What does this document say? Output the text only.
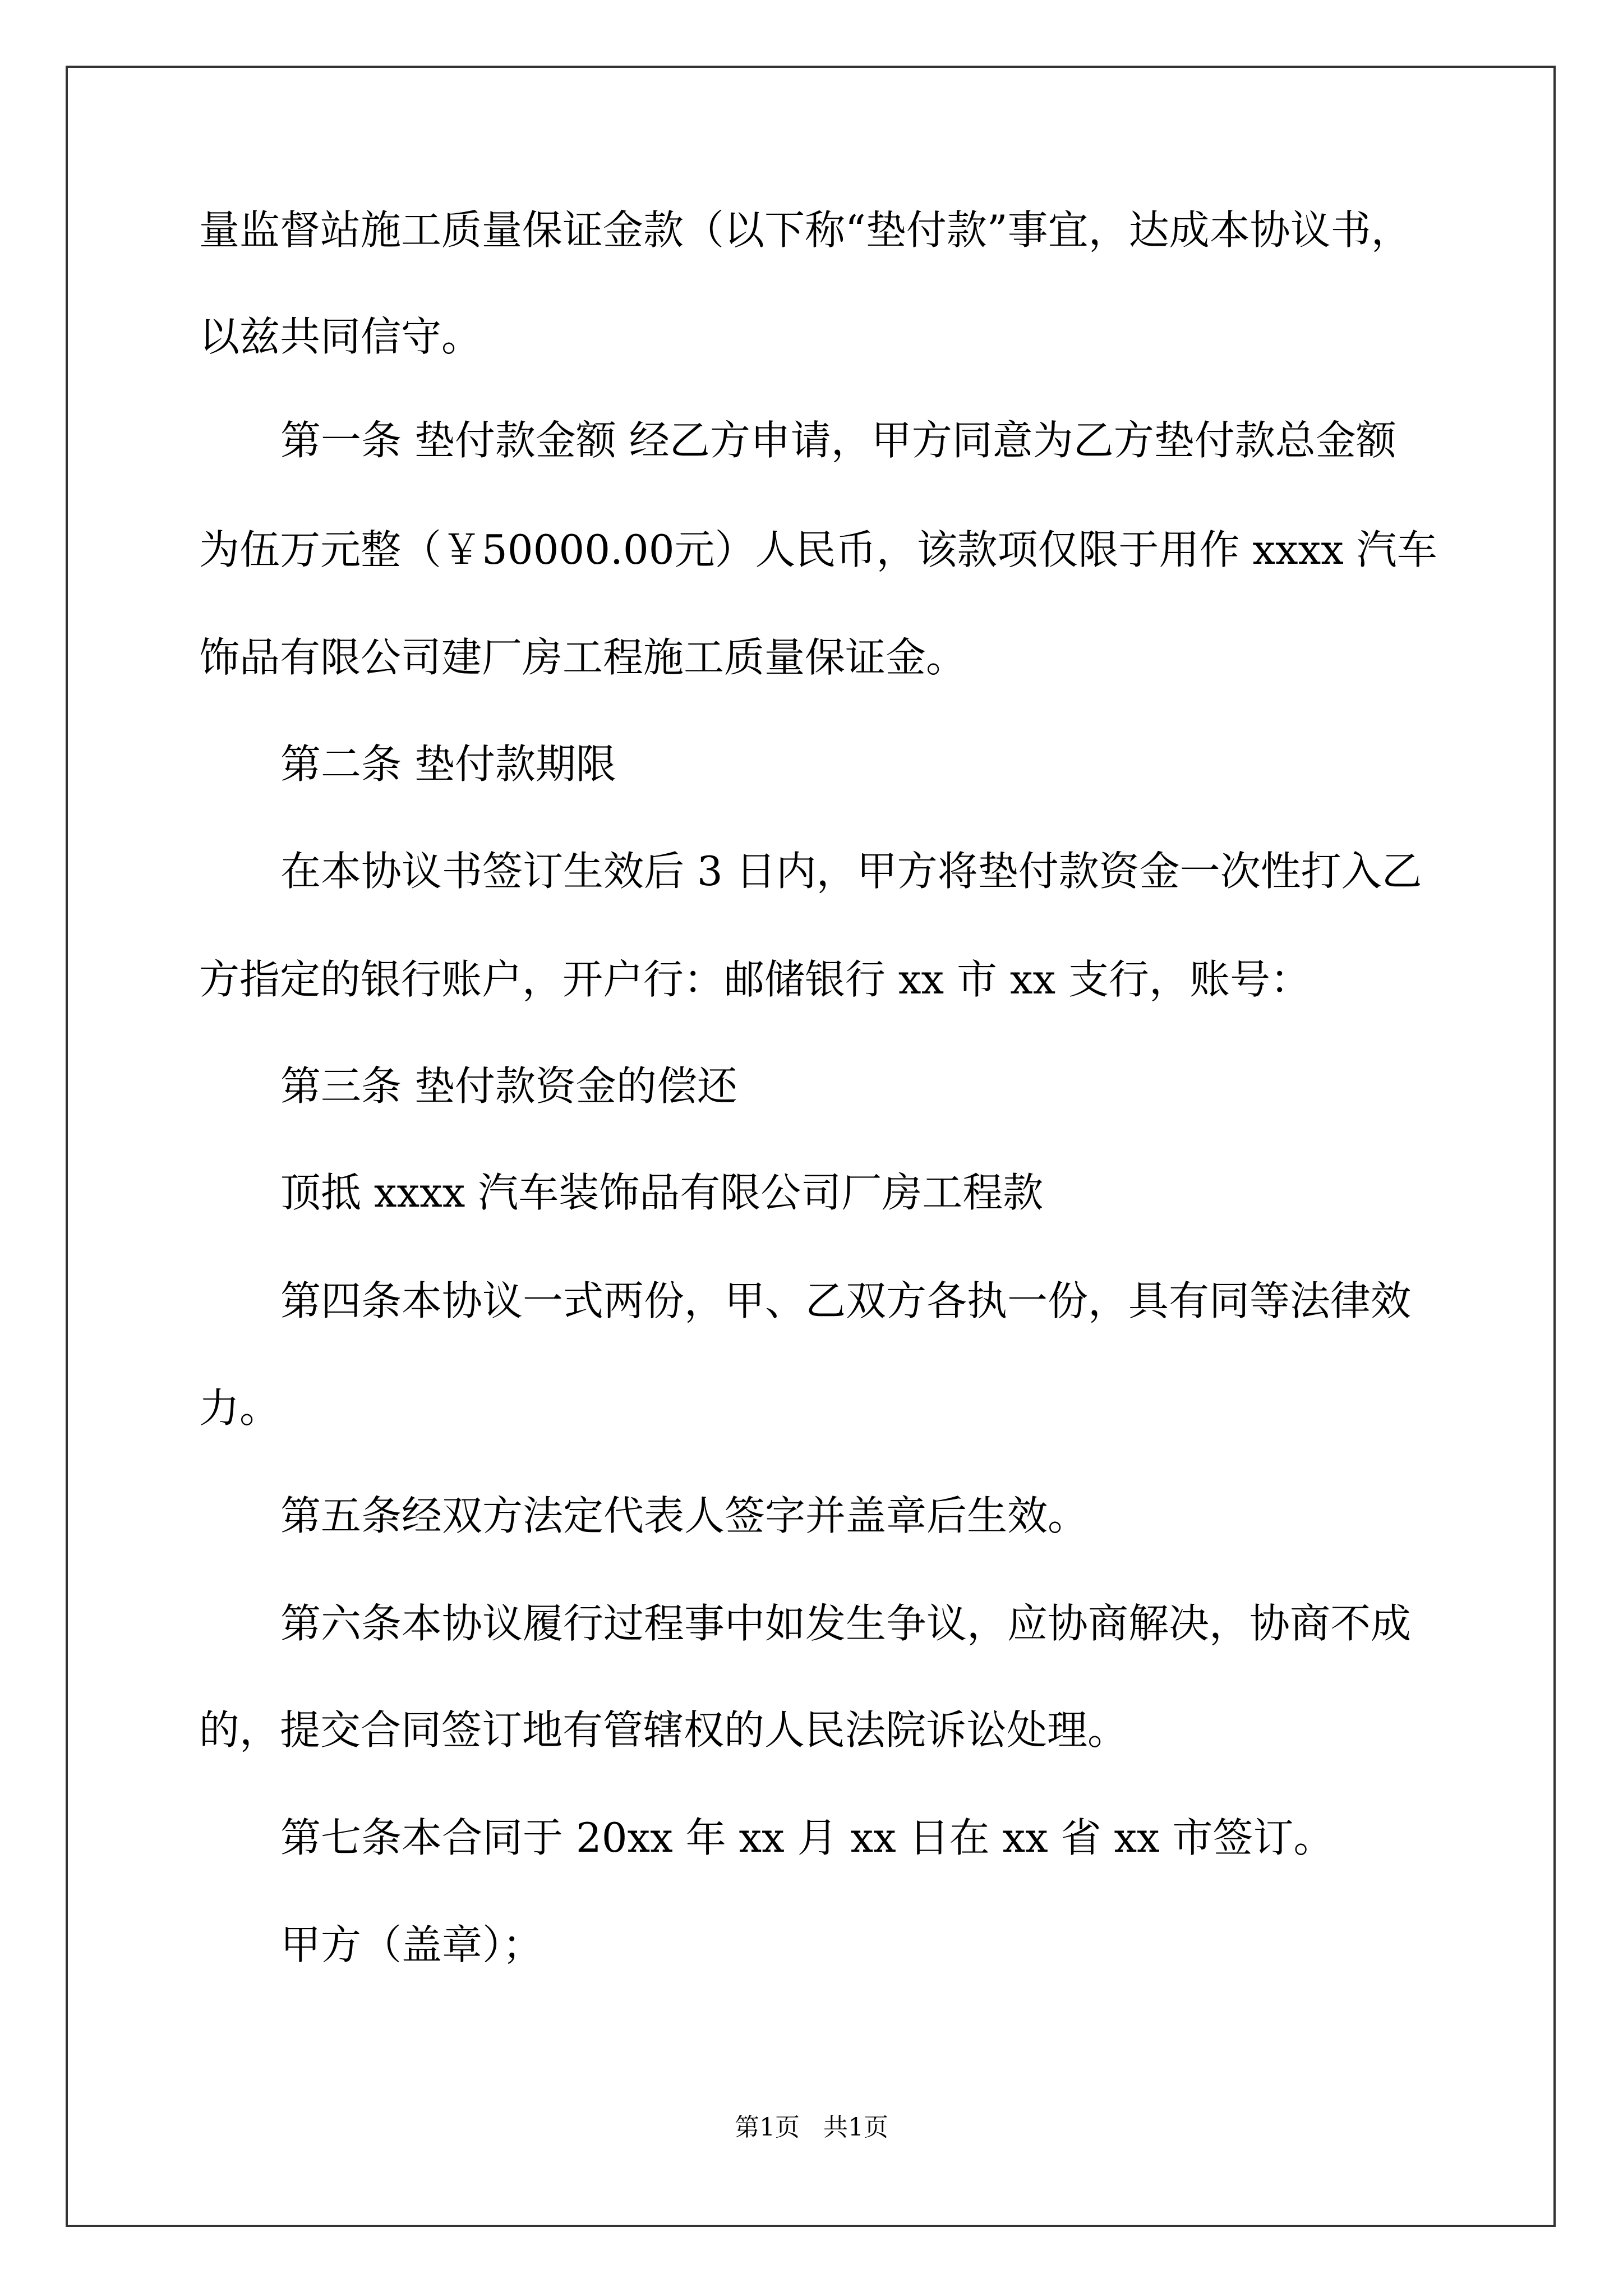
量监督站施工质量保证金款（以下称“垫付款”事宜，达成本协议书，
以兹共同信守。
第一条 垫付款金额 经乙方申请，甲方同意为乙方垫付款总金额
为伍万元整（￥50000.00元）人民币，该款项仅限于用作 xxxx 汽车
饰品有限公司建厂房工程施工质量保证金。
第二条 垫付款期限
在本协议书签订生效后 3 日内，甲方将垫付款资金一次性打入乙
方指定的银行账户，开户行：邮储银行 xx 市 xx 支行，账号：
第三条 垫付款资金的偿还
顶抵 xxxx 汽车装饰品有限公司厂房工程款
第四条本协议一式两份，甲、乙双方各执一份，具有同等法律效
力。
第五条经双方法定代表人签字并盖章后生效。
第六条本协议履行过程事中如发生争议，应协商解决，协商不成
的，提交合同签订地有管辖权的人民法院诉讼处理。
第七条本合同于 20xx 年 xx 月 xx 日在 xx 省 xx 市签订。
甲方（盖章）；
第1页   共1页
